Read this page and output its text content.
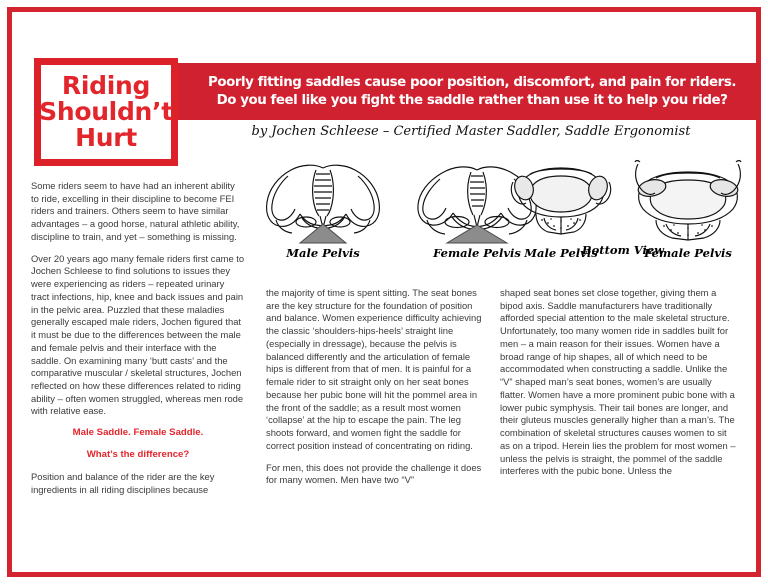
Riding
Shouldn’t
Hurt
Poorly fitting saddles cause poor position, discomfort, and pain for riders.
Do you feel like you fight the saddle rather than use it to help you ride?
by Jochen Schleese – Certified Master Saddler, Saddle Ergonomist
Male Pelvis	Female Pelvis Male Pelvis	Female Pelvis
Bottom View

Some riders seem to have had an inherent ability to ride, excelling in their discipline to become FEI riders and trainers. Others seem to have similar advantages – a good horse, natural athletic ability, discipline to train, and yet – something is missing.

Over 20 years ago many female riders first came to Jochen Schleese to find solutions to issues they were experiencing as riders – repeated urinary tract infections, hip, knee and back issues and pain in the pelvic area. Puzzled that these maladies generally escaped male riders, Jochen figured that it must be due to the differences between the male and female pelvis and their interface with the saddle. On examining many ‘butt casts’ and the comparative muscular / skeletal structures, Jochen reflected on how these differences related to riding ability – often women struggled, whereas men rode with relative ease.

Male Saddle. Female Saddle.

What’s the difference?

Position and balance of the rider are the key ingredients in all riding disciplines because

the majority of time is spent sitting. The seat bones are the key structure for the foundation of position and balance. Women experience difficulty achieving the classic ‘shoulders-hips-heels’ straight line (especially in dressage), because the pelvis is balanced differently and the articulation of female hips is different from that of men. It is painful for a female rider to sit straight only on her seat bones because her pubic bone will hit the pommel area in the front of the saddle; as a result most women ‘collapse’ at the hip to escape the pain. The leg shoots forward, and women fight the saddle for correct position instead of concentrating on riding.

For men, this does not provide the challenge it does for many women. Men have two “V”

shaped seat bones set close together, giving them a bipod axis. Saddle manufacturers have traditionally afforded special attention to the male skeletal structure. Unfortunately, too many women ride in saddles built for men – a main reason for their issues. Women have a broad range of hip shapes, all of which need to be accommodated when constructing a saddle. Unlike the “V” shaped man’s seat bones, women’s are usually flatter. Women have a more prominent pubic bone with a lower pubic symphysis. Their tail bones are longer, and their gluteus muscles generally higher than a man’s. The combination of skeletal structures causes women to sit as on a tripod. Herein lies the problem for most women – unless the pelvis is straight, the pommel of the saddle interferes with the pubic bone. Unless the
